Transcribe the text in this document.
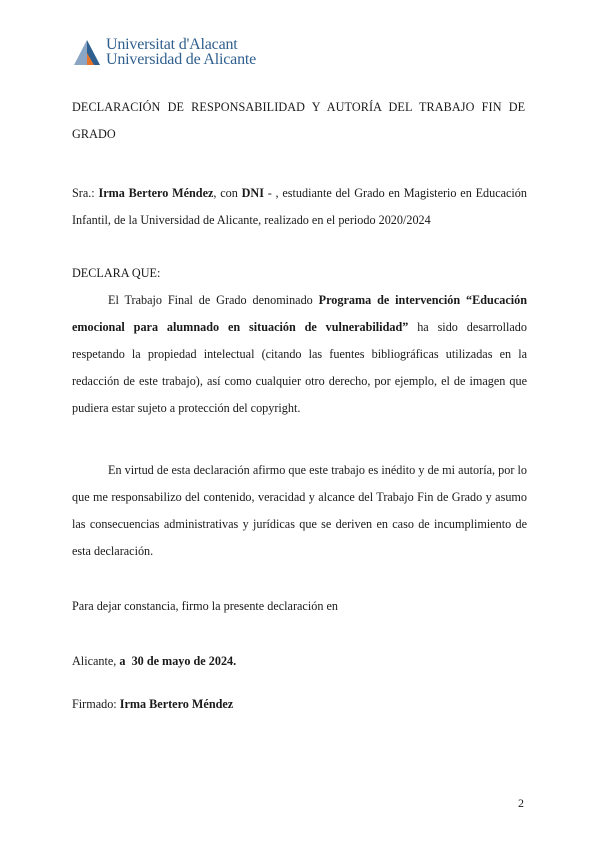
Universitat d'Alacant
Universidad de Alicante

DECLARACIÓN DE RESPONSABILIDAD Y AUTORÍA DEL TRABAJO FIN DE GRADO

Sra.: Irma Bertero Méndez, con DNI - , estudiante del Grado en Magisterio en Educación Infantil, de la Universidad de Alicante, realizado en el periodo 2020/2024

DECLARA QUE:

El Trabajo Final de Grado denominado Programa de intervención “Educación emocional para alumnado en situación de vulnerabilidad” ha sido desarrollado respetando la propiedad intelectual (citando las fuentes bibliográficas utilizadas en la redacción de este trabajo), así como cualquier otro derecho, por ejemplo, el de imagen que pudiera estar sujeto a protección del copyright.

En virtud de esta declaración afirmo que este trabajo es inédito y de mi autoría, por lo que me responsabilizo del contenido, veracidad y alcance del Trabajo Fin de Grado y asumo las consecuencias administrativas y jurídicas que se deriven en caso de incumplimiento de esta declaración.

Para dejar constancia, firmo la presente declaración en

Alicante, a 30 de mayo de 2024.

Firmado: Irma Bertero Méndez

2
